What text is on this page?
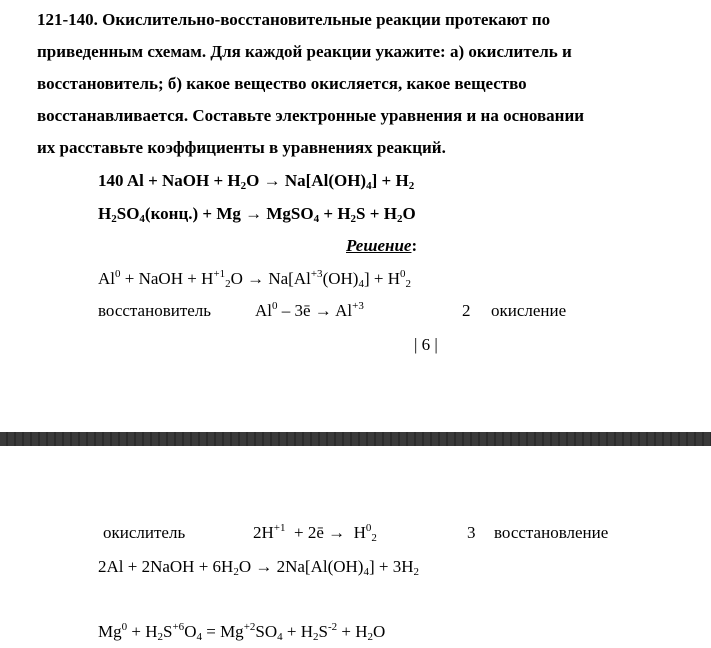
121-140. Окислительно-восстановительные реакции протекают по
приведенным схемам. Для каждой реакции укажите: а) окислитель и
восстановитель; б) какое вещество окисляется, какое вещество
восстанавливается. Составьте электронные уравнения и на основании
их расставьте коэффициенты в уравнениях реакций.
140 Al + NaOH + $H_2O \to Na[Al(OH)_4] + H_2$
$H_2SO_4(конц.) + Mg$ → MgSO$_4$ + $H_2S + H_2O$
Решение:
$Al^0$ + NaOH + $H^{+1}_2O \to Na[Al^{+3}(OH)_4] + H^0_2$
восстановитель	Al$^0$ – 3ē → $Al^{+3}$	2 окисление
| 6 |
окислитель	$2H^{+1}$ + 2ē → $H^0_2$	3 восстановление
2Al + 2NaOH + $6H_2O \to 2Na[Al(OH)_4] + 3H_2$
$Mg^0 + H_2S^{+6}O_4 = Mg^{+2}SO_4 + H_2S^{-2} + H_2O$
